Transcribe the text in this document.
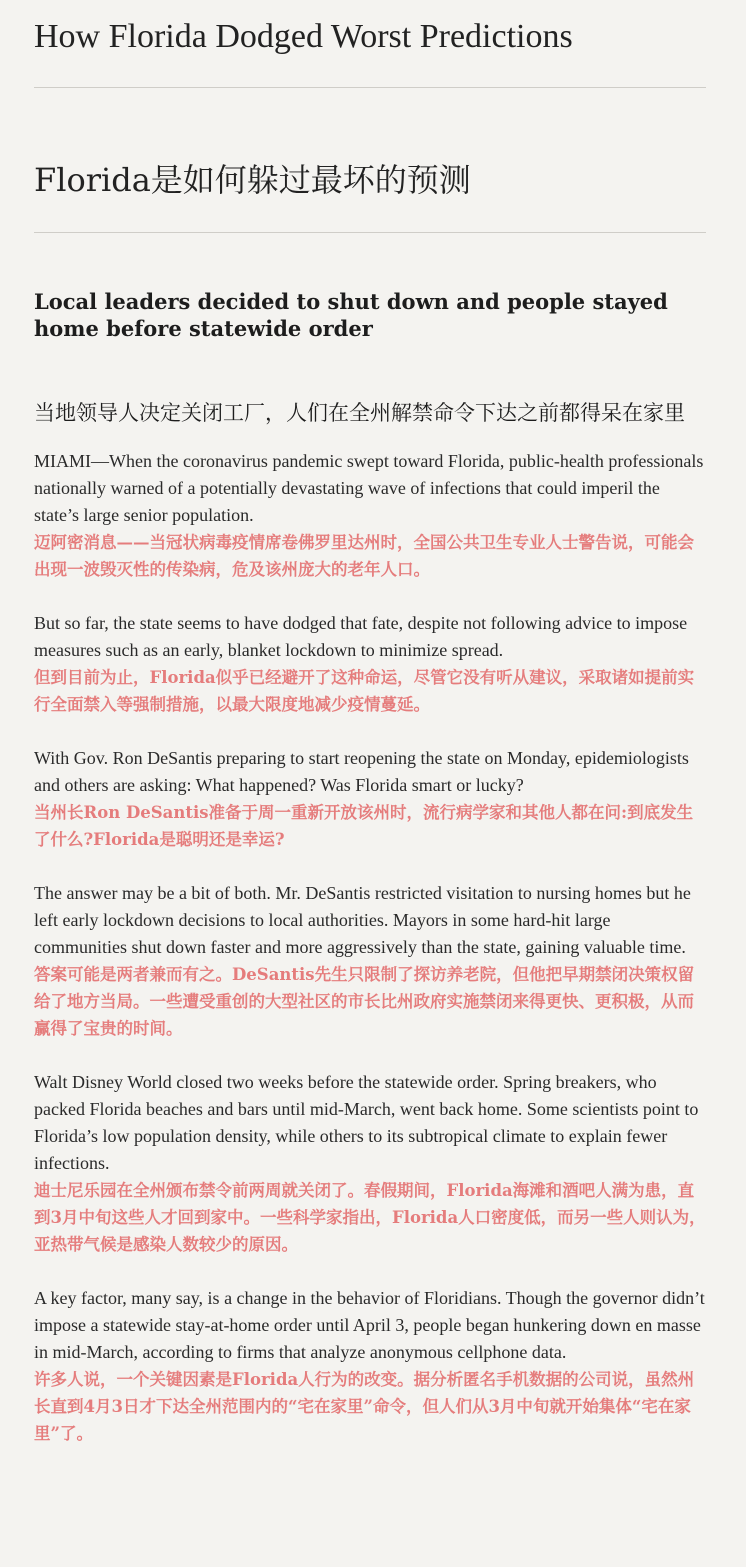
How Florida Dodged Worst Predictions
Florida是如何躲过最坏的预测
Local leaders decided to shut down and people stayed home before statewide order
当地领导人决定关闭工厂，人们在全州解禁命令下达之前都得呆在家里

MIAMI—When the coronavirus pandemic swept toward Florida, public-health professionals nationally warned of a potentially devastating wave of infections that could imperil the state’s large senior population.

迈阿密消息——当冠状病毒疫情席卷佛罗里达州时，全国公共卫生专业人士警告说，可能会出现一波毁灭性的传染病，危及该州庞大的老年人口。

But so far, the state seems to have dodged that fate, despite not following advice to impose measures such as an early, blanket lockdown to minimize spread.

但到目前为止，Florida似乎已经避开了这种命运，尽管它没有听从建议，采取诸如提前实行全面禁入等强制措施，以最大限度地减少疫情蔓延。

With Gov. Ron DeSantis preparing to start reopening the state on Monday, epidemiologists and others are asking: What happened? Was Florida smart or lucky?

当州长Ron DeSantis准备于周一重新开放该州时，流行病学家和其他人都在问:到底发生了什么?Florida是聪明还是幸运?

The answer may be a bit of both. Mr. DeSantis restricted visitation to nursing homes but he left early lockdown decisions to local authorities. Mayors in some hard-hit large communities shut down faster and more aggressively than the state, gaining valuable time.

答案可能是两者兼而有之。DeSantis先生只限制了探访养老院，但他把早期禁闭决策权留给了地方当局。一些遭受重创的大型社区的市长比州政府实施禁闭来得更快、更积极，从而赢得了宝贵的时间。

Walt Disney World closed two weeks before the statewide order. Spring breakers, who packed Florida beaches and bars until mid-March, went back home. Some scientists point to Florida’s low population density, while others to its subtropical climate to explain fewer infections.

迪士尼乐园在全州颁布禁令前两周就关闭了。春假期间，Florida海滩和酒吧人满为患，直到3月中旬这些人才回到家中。一些科学家指出，Florida人口密度低，而另一些人则认为，亚热带气候是感染人数较少的原因。

A key factor, many say, is a change in the behavior of Floridians. Though the governor didn’t impose a statewide stay-at-home order until April 3, people began hunkering down en masse in mid-March, according to firms that analyze anonymous cellphone data.

许多人说，一个关键因素是Florida人行为的改变。据分析匿名手机数据的公司说，虽然州长直到4月3日才下达全州范围内的“宅在家里”命令，但人们从3月中旬就开始集体“宅在家里”了。
